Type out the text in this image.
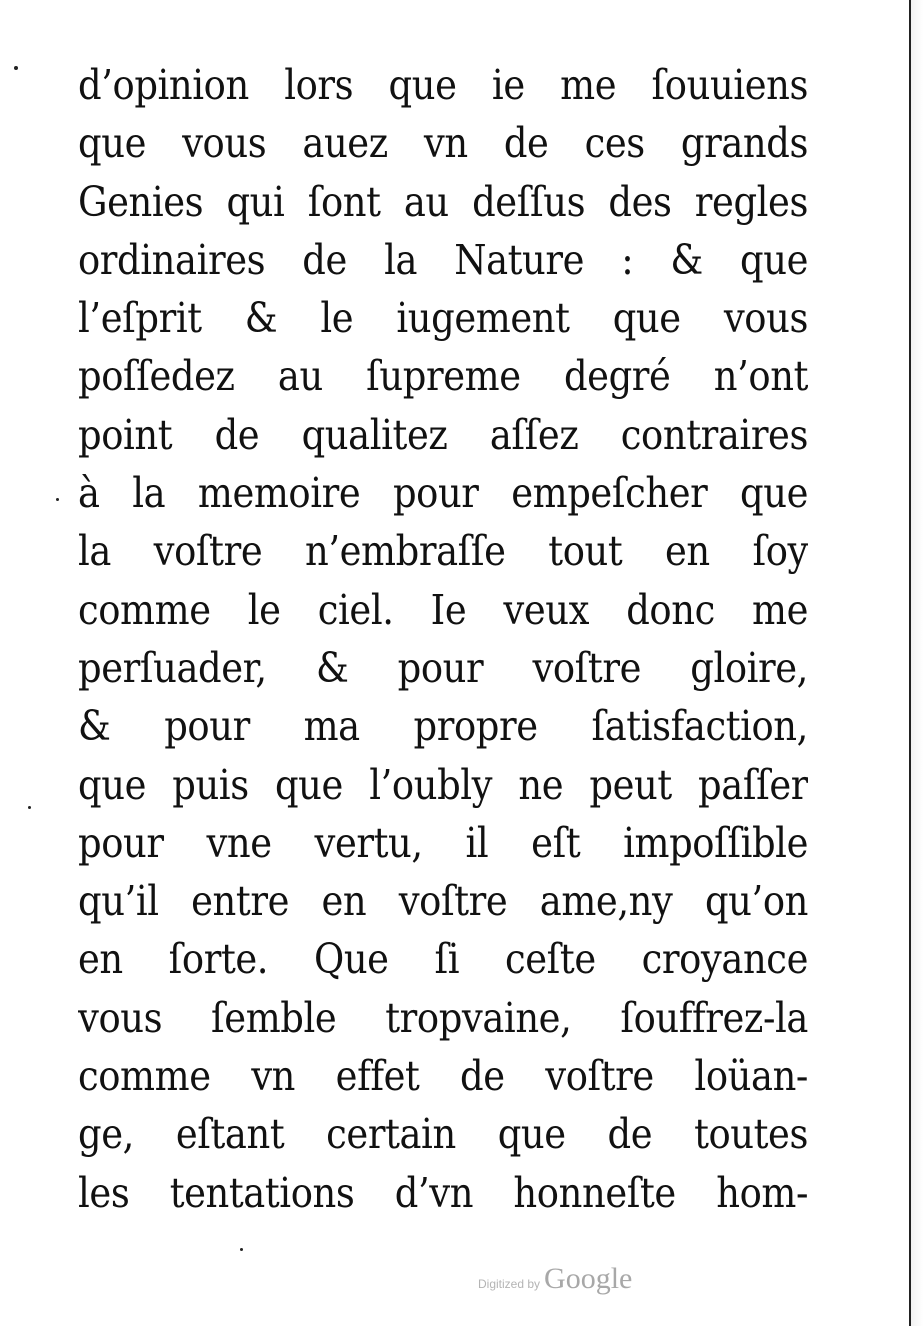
d’opinion lors que ie me ſouuiens
que vous auez vn de ces grands
Genies qui ſont au deſſus des regles
ordinaires de la Nature : & que
l’eſprit & le iugement que vous
poſſedez au ſupreme degré n’ont
point de qualitez aſſez contraires
à la memoire pour empeſcher que
la voſtre n’embraſſe tout en ſoy
comme le ciel. Ie veux donc me
perſuader, & pour voſtre gloire,
& pour ma propre ſatisfaction,
que puis que l’oubly ne peut paſſer
pour vne vertu, il eſt impoſſible
qu’il entre en voſtre ame,ny qu’on
en ſorte. Que ſi ceſte croyance
vous ſemble tropvaine, ſouffrez-la
comme vn effet de voſtre loüan-
ge, eſtant certain que de toutes
les tentations d’vn honneſte hom-
Digitized by Google
